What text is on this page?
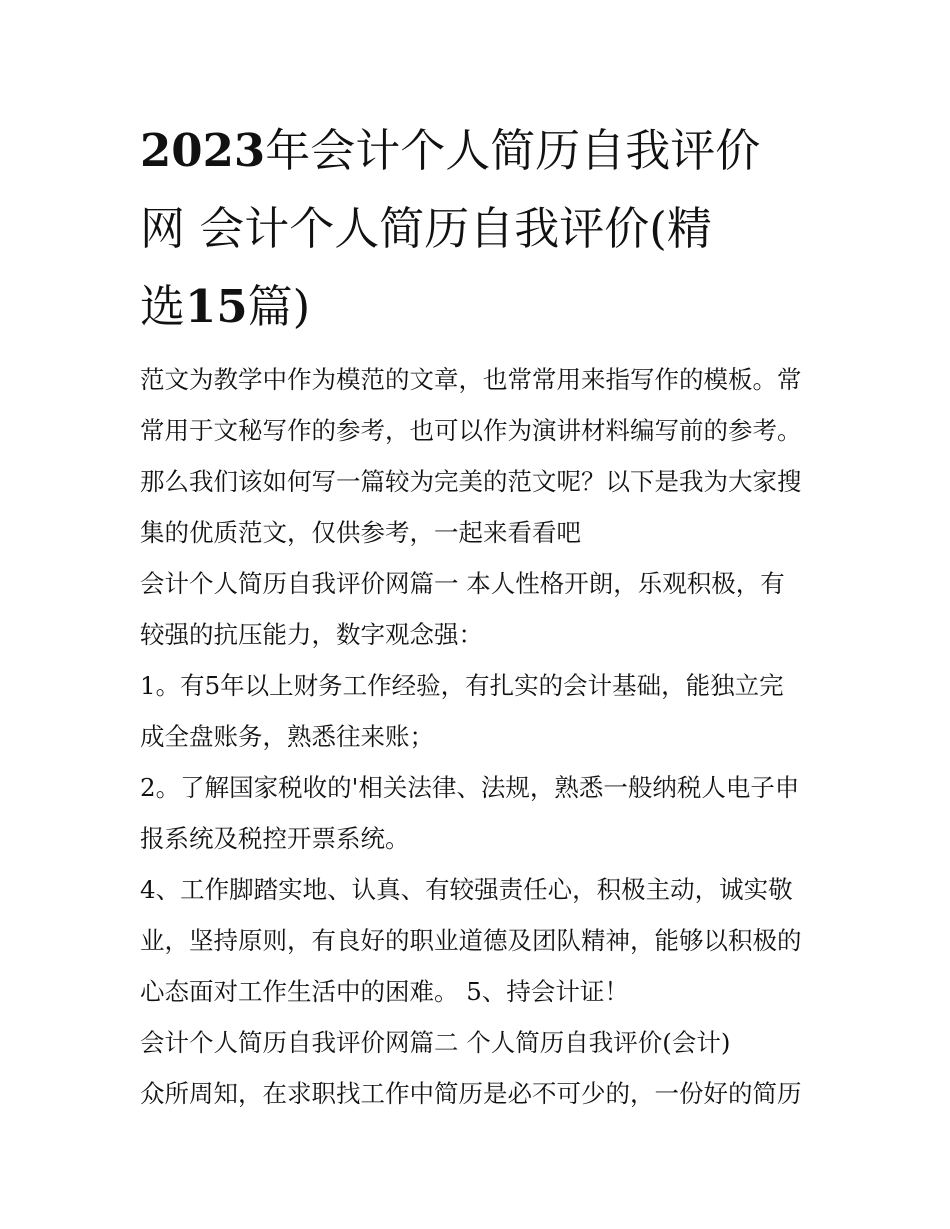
2023年会计个人简历自我评价
网 会计个人简历自我评价(精
选15篇)
范文为教学中作为模范的文章，也常常用来指写作的模板。常
常用于文秘写作的参考，也可以作为演讲材料编写前的参考。
那么我们该如何写一篇较为完美的范文呢？以下是我为大家搜
集的优质范文，仅供参考，一起来看看吧
会计个人简历自我评价网篇一 本人性格开朗，乐观积极，有
较强的抗压能力，数字观念强：
1。有5年以上财务工作经验，有扎实的会计基础，能独立完
成全盘账务，熟悉往来账；
2。了解国家税收的'相关法律、法规，熟悉一般纳税人电子申
报系统及税控开票系统。
4、工作脚踏实地、认真、有较强责任心，积极主动，诚实敬
业，坚持原则，有良好的职业道德及团队精神，能够以积极的
心态面对工作生活中的困难。 5、持会计证！
会计个人简历自我评价网篇二 个人简历自我评价(会计)
众所周知，在求职找工作中简历是必不可少的，一份好的简历
